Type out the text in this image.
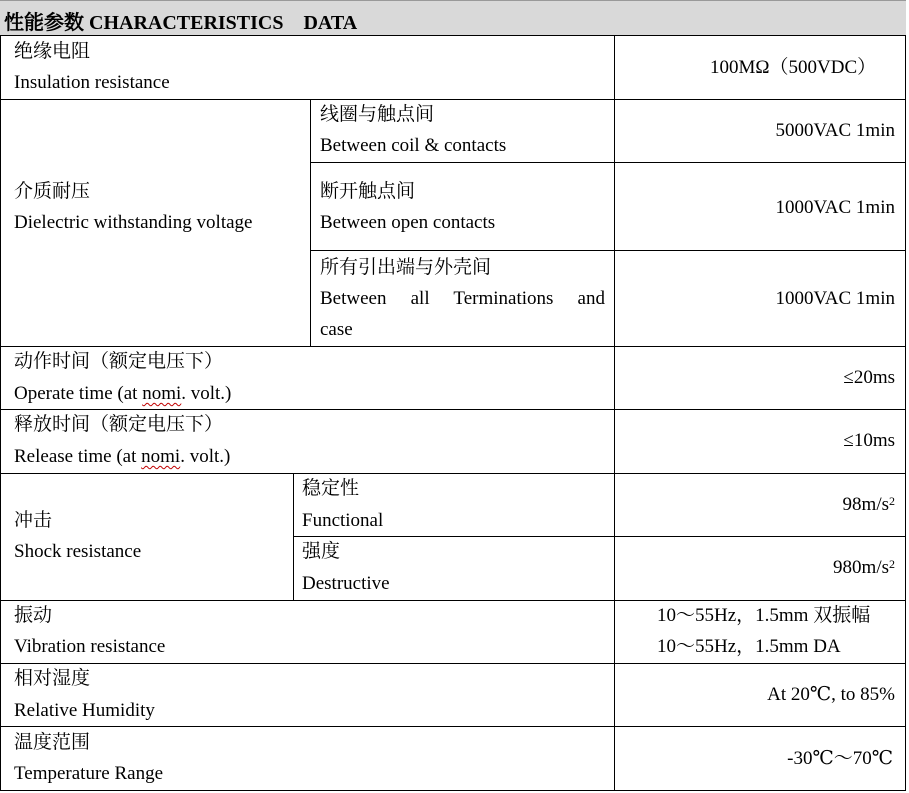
性能参数 CHARACTERISTICS    DATA
绝缘电阻
Insulation resistance
100MΩ（500VDC）
介质耐压
Dielectric withstanding voltage
线圈与触点间
Between coil & contacts
5000VAC 1min
断开触点间
Between open contacts
1000VAC 1min
所有引出端与外壳间
Between all Terminations and
case
1000VAC 1min
动作时间（额定电压下）
Operate time (at nomi. volt.)
≤20ms
释放时间（额定电压下）
Release time (at nomi. volt.)
≤10ms
冲击
Shock resistance
稳定性
Functional
$98m/s^2$
强度
Destructive
$980m/s^2$
振动
Vibration resistance
10～55Hz，1.5mm 双振幅
10～55Hz，1.5mm DA
相对湿度
Relative Humidity
At 20℃, to 85%
温度范围
Temperature Range
-30℃～70℃
